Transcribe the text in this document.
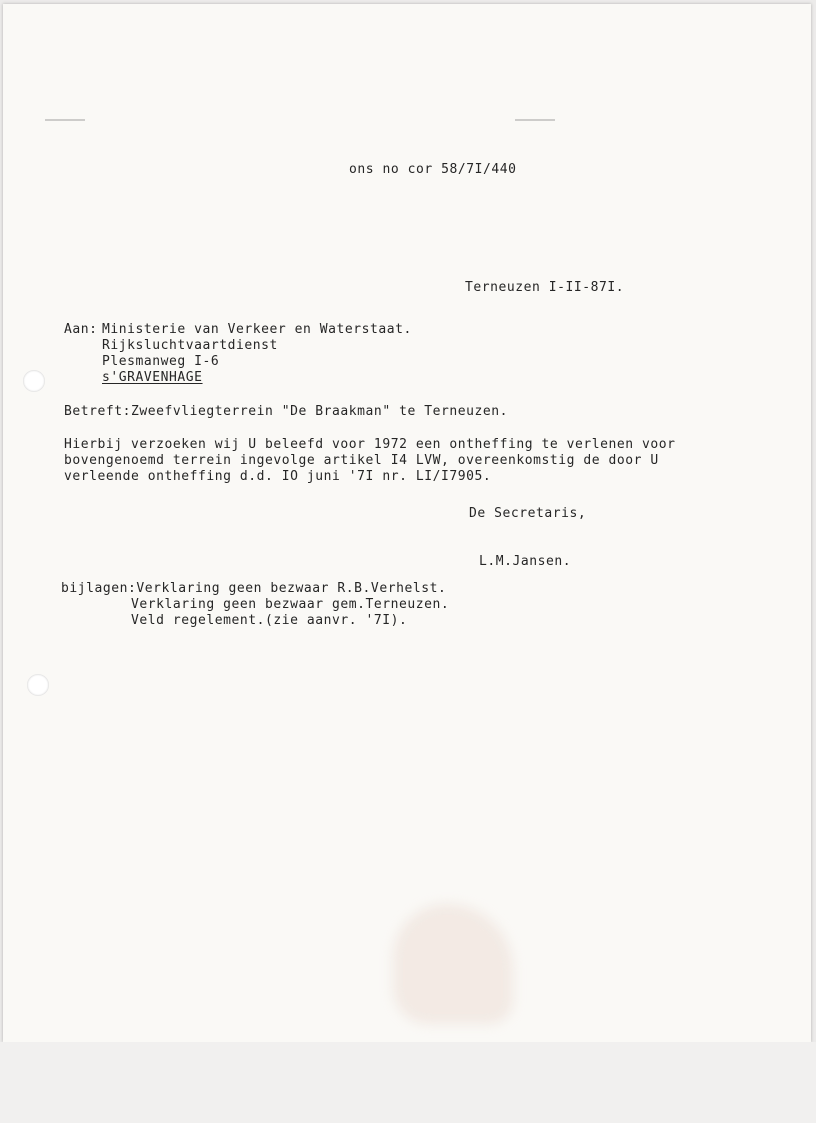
ons no cor 58/7I/440
Terneuzen I-II-87I.
Aan: Ministerie van Verkeer en Waterstaat.
Rijksluchtvaartdienst
Plesmanweg I-6
s'GRAVENHAGE
Betreft:Zweefvliegterrein "De Braakman" te Terneuzen.
Hierbij verzoeken wij U beleefd voor 1972 een ontheffing te verlenen voor
bovengenoemd terrein ingevolge artikel I4 LVW, overeenkomstig de door U
verleende ontheffing d.d. IO juni '7I nr. LI/I7905.
De Secretaris,
L.M.Jansen.
bijlagen:Verklaring geen bezwaar R.B.Verhelst.
Verklaring geen bezwaar gem.Terneuzen.
Veld regelement.(zie aanvr. '7I).
